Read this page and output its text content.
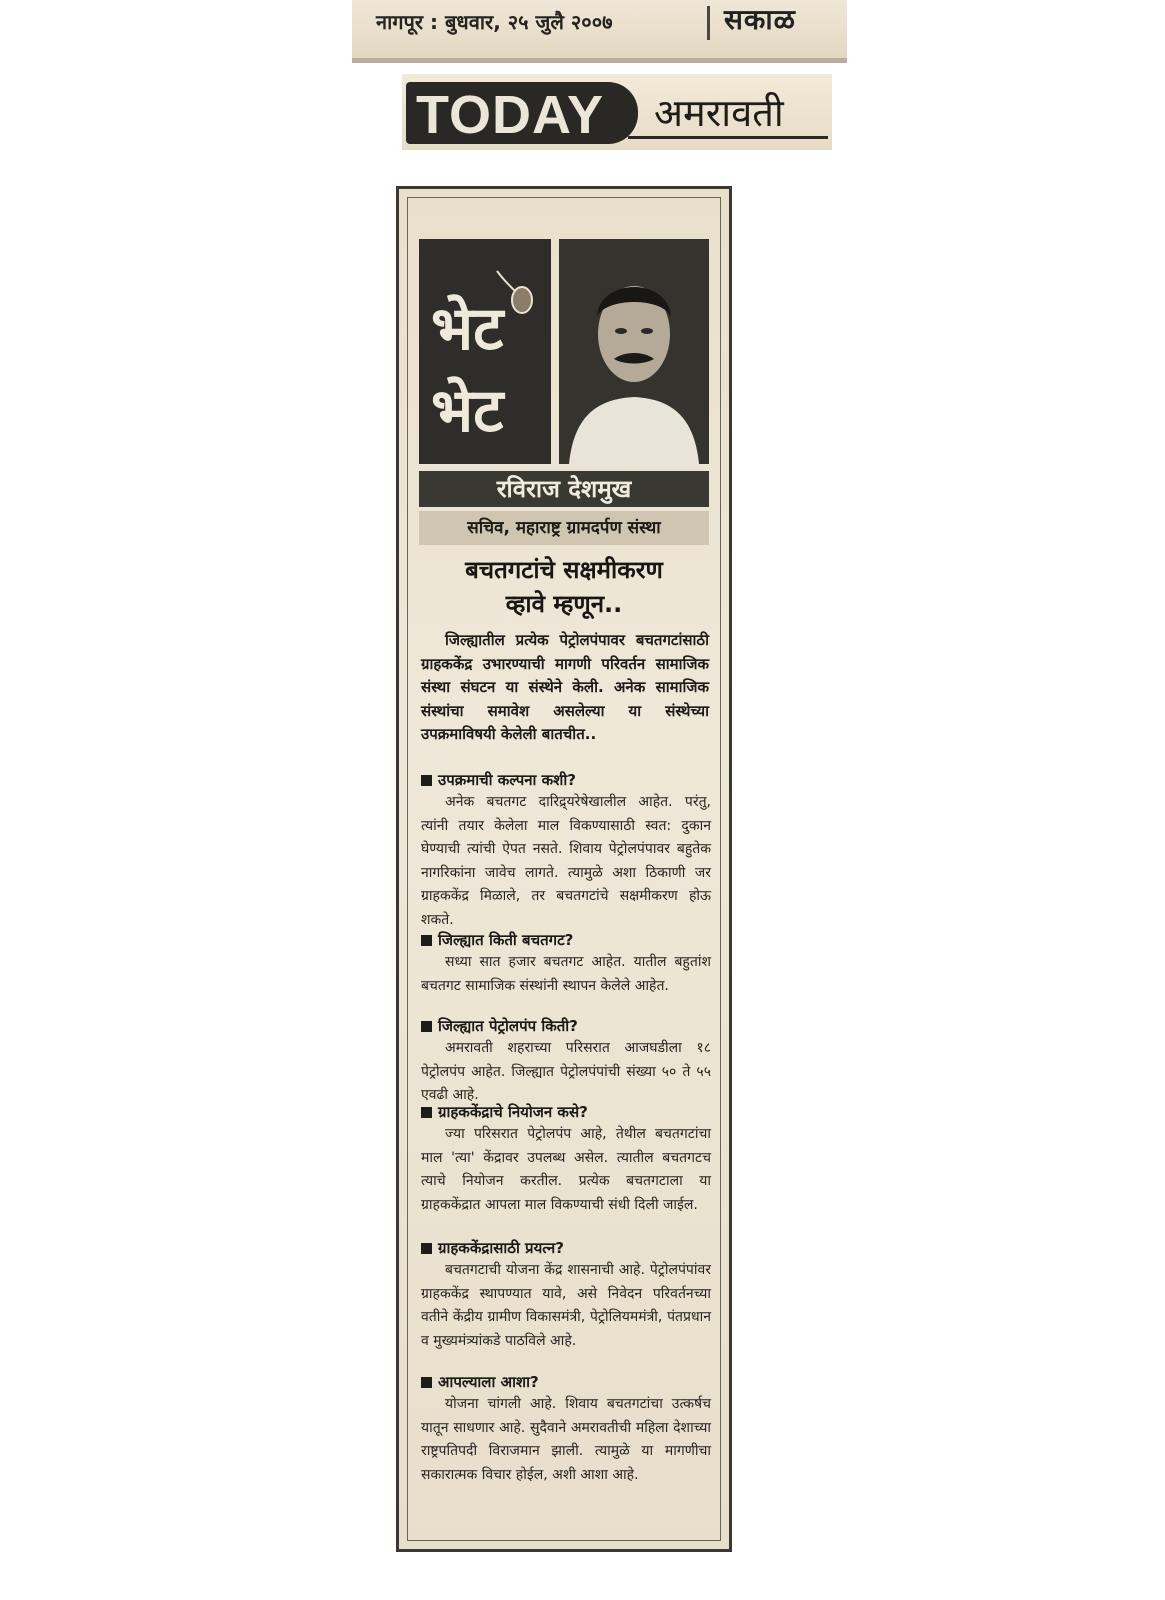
नागपूर : बुधवार, २५ जुलै २००७	सकाळ
TODAY अमरावती
भेट
भेट
रविराज देशमुख
सचिव, महाराष्ट्र ग्रामदर्पण संस्था
बचतगटांचे सक्षमीकरण
व्हावे म्हणून..
जिल्ह्यातील प्रत्येक पेट्रोलपंपावर बचतगटांसाठी ग्राहककेंद्र उभारण्याची मागणी परिवर्तन सामाजिक संस्था संघटन या संस्थेने केली. अनेक सामाजिक संस्थांचा समावेश असलेल्या या संस्थेच्या उपक्रमाविषयी केलेली बातचीत..
उपक्रमाची कल्पना कशी?
अनेक बचतगट दारिद्र्यरेषेखालील आहेत. परंतु, त्यांनी तयार केलेला माल विकण्यासाठी स्वत: दुकान घेण्याची त्यांची ऐपत नसते. शिवाय पेट्रोलपंपावर बहुतेक नागरिकांना जावेच लागते. त्यामुळे अशा ठिकाणी जर ग्राहककेंद्र मिळाले, तर बचतगटांचे सक्षमीकरण होऊ शकते.
जिल्ह्यात किती बचतगट?
सध्या सात हजार बचतगट आहेत. यातील बहुतांश बचतगट सामाजिक संस्थांनी स्थापन केलेले आहेत.
जिल्ह्यात पेट्रोलपंप किती?
अमरावती शहराच्या परिसरात आजघडीला १८ पेट्रोलपंप आहेत. जिल्ह्यात पेट्रोलपंपांची संख्या ५० ते ५५ एवढी आहे.
ग्राहककेंद्राचे नियोजन कसे?
ज्या परिसरात पेट्रोलपंप आहे, तेथील बचतगटांचा माल 'त्या' केंद्रावर उपलब्ध असेल. त्यातील बचतगटच त्याचे नियोजन करतील. प्रत्येक बचतगटाला या ग्राहककेंद्रात आपला माल विकण्याची संधी दिली जाईल.
ग्राहककेंद्रासाठी प्रयत्न?
बचतगटाची योजना केंद्र शासनाची आहे. पेट्रोलपंपांवर ग्राहककेंद्र स्थापण्यात यावे, असे निवेदन परिवर्तनच्या वतीने केंद्रीय ग्रामीण विकासमंत्री, पेट्रोलियममंत्री, पंतप्रधान व मुख्यमंत्र्यांकडे पाठविले आहे.
आपल्याला आशा?
योजना चांगली आहे. शिवाय बचतगटांचा उत्कर्षच यातून साधणार आहे. सुदैवाने अमरावतीची महिला देशाच्या राष्ट्रपतिपदी विराजमान झाली. त्यामुळे या मागणीचा सकारात्मक विचार होईल, अशी आशा आहे.
